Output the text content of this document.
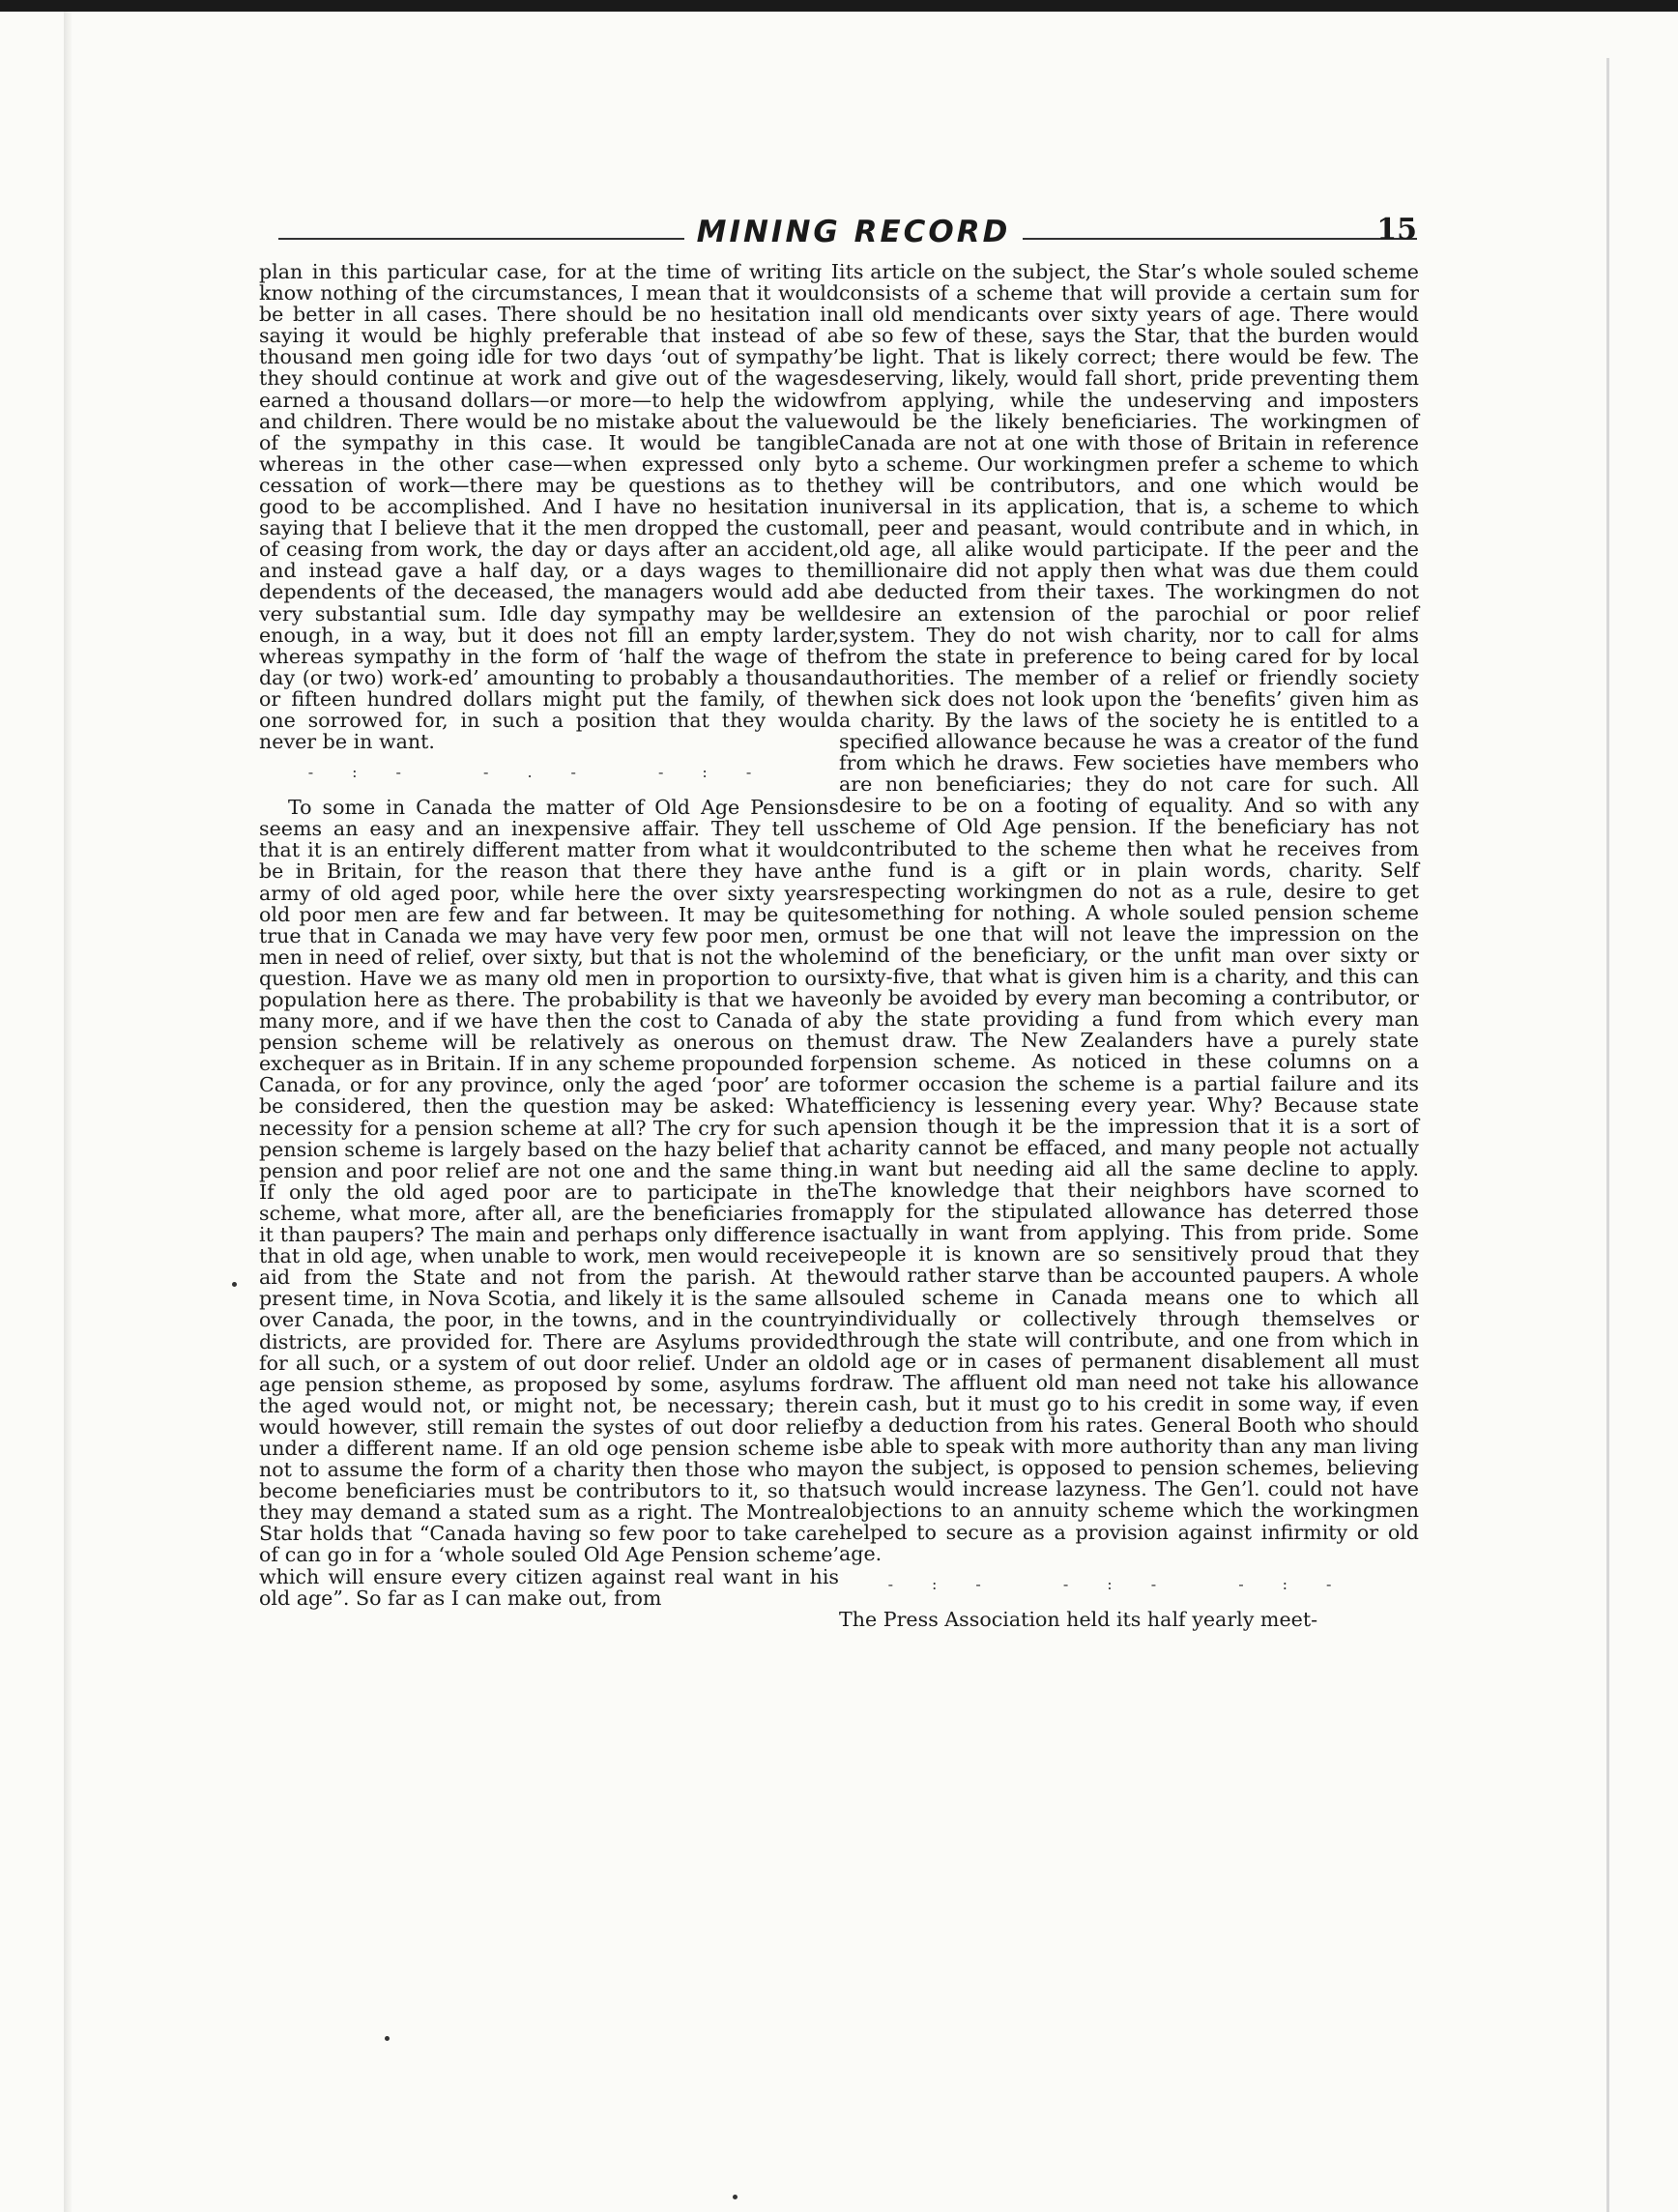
MINING RECORD	15

plan in this particular case, for at the time of writing I know nothing of the circumstances, I mean that it would be better in all cases. There should be no hesitation in saying it would be highly preferable that instead of a thousand men going idle for two days ‘out of sympathy’ they should continue at work and give out of the wages earned a thousand dollars—or more—to help the widow and children. There would be no mistake about the value of the sympathy in this case. It would be tangible whereas in the other case—when expressed only by cessation of work—there may be questions as to the good to be accomplished. And I have no hesitation in saying that I believe that it the men dropped the custom of ceasing from work, the day or days after an accident, and instead gave a half day, or a days wages to the dependents of the deceased, the managers would add a very substantial sum. Idle day sympathy may be well enough, in a way, but it does not fill an empty larder, whereas sympathy in the form of ‘half the wage of the day (or two) work-ed’ amounting to probably a thousand or fifteen hundred dollars might put the family, of the one sorrowed for, in such a position that they would never be in want.

-:- -.- -:-

To some in Canada the matter of Old Age Pensions seems an easy and an inexpensive affair. They tell us that it is an entirely different matter from what it would be in Britain, for the reason that there they have an army of old aged poor, while here the over sixty years old poor men are few and far between. It may be quite true that in Canada we may have very few poor men, or men in need of relief, over sixty, but that is not the whole question. Have we as many old men in proportion to our population here as there. The probability is that we have many more, and if we have then the cost to Canada of a pension scheme will be relatively as onerous on the exchequer as in Britain. If in any scheme propounded for Canada, or for any province, only the aged ‘poor’ are to be considered, then the question may be asked: What necessity for a pension scheme at all? The cry for such a pension scheme is largely based on the hazy belief that a pension and poor relief are not one and the same thing. If only the old aged poor are to participate in the scheme, what more, after all, are the beneficiaries from it than paupers? The main and perhaps only difference is that in old age, when unable to work, men would receive aid from the State and not from the parish. At the present time, in Nova Scotia, and likely it is the same all over Canada, the poor, in the towns, and in the country districts, are provided for. There are Asylums provided for all such, or a system of out door relief. Under an old age pension stheme, as proposed by some, asylums for the aged would not, or might not, be necessary; there would however, still remain the systes of out door relief under a different name. If an old oge pension scheme is not to assume the form of a charity then those who may become beneficiaries must be contributors to it, so that they may demand a stated sum as a right. The Montreal Star holds that “Canada having so few poor to take care of can go in for a ‘whole souled Old Age Pension scheme’ which will ensure every citizen against real want in his old age”. So far as I can make out, from

its article on the subject, the Star’s whole souled scheme consists of a scheme that will provide a certain sum for all old mendicants over sixty years of age. There would be so few of these, says the Star, that the burden would be light. That is likely correct; there would be few. The deserving, likely, would fall short, pride preventing them from applying, while the undeserving and imposters would be the likely beneficiaries. The workingmen of Canada are not at one with those of Britain in reference to a scheme. Our workingmen prefer a scheme to which they will be contributors, and one which would be universal in its application, that is, a scheme to which all, peer and peasant, would contribute and in which, in old age, all alike would participate. If the peer and the millionaire did not apply then what was due them could be deducted from their taxes. The workingmen do not desire an extension of the parochial or poor relief system. They do not wish charity, nor to call for alms from the state in preference to being cared for by local authorities. The member of a relief or friendly society when sick does not look upon the ‘benefits’ given him as a charity. By the laws of the society he is entitled to a specified allowance because he was a creator of the fund from which he draws. Few societies have members who are non beneficiaries; they do not care for such. All desire to be on a footing of equality. And so with any scheme of Old Age pension. If the beneficiary has not contributed to the scheme then what he receives from the fund is a gift or in plain words, charity. Self respecting workingmen do not as a rule, desire to get something for nothing. A whole souled pension scheme must be one that will not leave the impression on the mind of the beneficiary, or the unfit man over sixty or sixty-five, that what is given him is a charity, and this can only be avoided by every man becoming a contributor, or by the state providing a fund from which every man must draw. The New Zealanders have a purely state pension scheme. As noticed in these columns on a former occasion the scheme is a partial failure and its efficiency is lessening every year. Why? Because state pension though it be the impression that it is a sort of charity cannot be effaced, and many people not actually in want but needing aid all the same decline to apply. The knowledge that their neighbors have scorned to apply for the stipulated allowance has deterred those actually in want from applying. This from pride. Some people it is known are so sensitively proud that they would rather starve than be accounted paupers. A whole souled scheme in Canada means one to which all individually or collectively through themselves or through the state will contribute, and one from which in old age or in cases of permanent disablement all must draw. The affluent old man need not take his allowance in cash, but it must go to his credit in some way, if even by a deduction from his rates. General Booth who should be able to speak with more authority than any man living on the subject, is opposed to pension schemes, believing such would increase lazyness. The Gen’l. could not have objections to an annuity scheme which the workingmen helped to secure as a provision against infirmity or old age.

-:- -:- -:-

The Press Association held its half yearly meet-
